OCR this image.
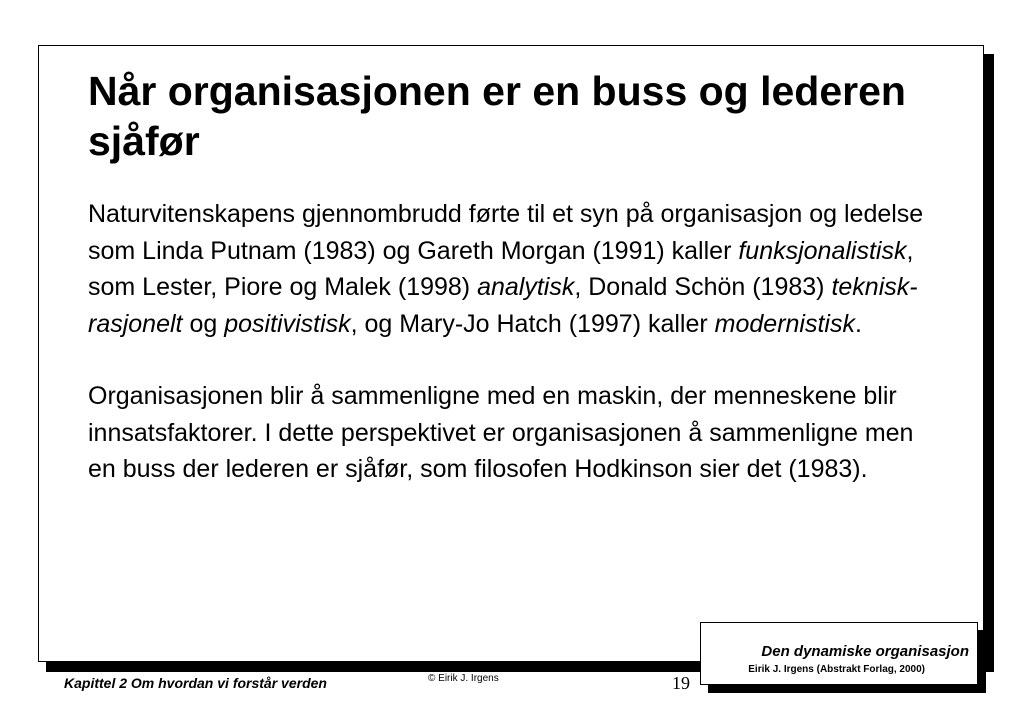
Når organisasjonen er en buss og lederen sjåfør

Naturvitenskapens gjennombrudd førte til et syn på organisasjon og ledelse som Linda Putnam (1983) og Gareth Morgan (1991) kaller funksjonalistisk, som Lester, Piore og Malek (1998) analytisk, Donald Schön (1983) teknisk-rasjonelt og positivistisk, og Mary-Jo Hatch (1997) kaller modernistisk.

Organisasjonen blir å sammenligne med en maskin, der menneskene blir innsatsfaktorer. I dette perspektivet er organisasjonen å sammenligne men en buss der lederen er sjåfør, som filosofen Hodkinson sier det (1983).

Den dynamiske organisasjon
Eirik J. Irgens (Abstrakt Forlag, 2000)
Kapittel 2 Om hvordan vi forstår verden	© Eirik J. Irgens	19
